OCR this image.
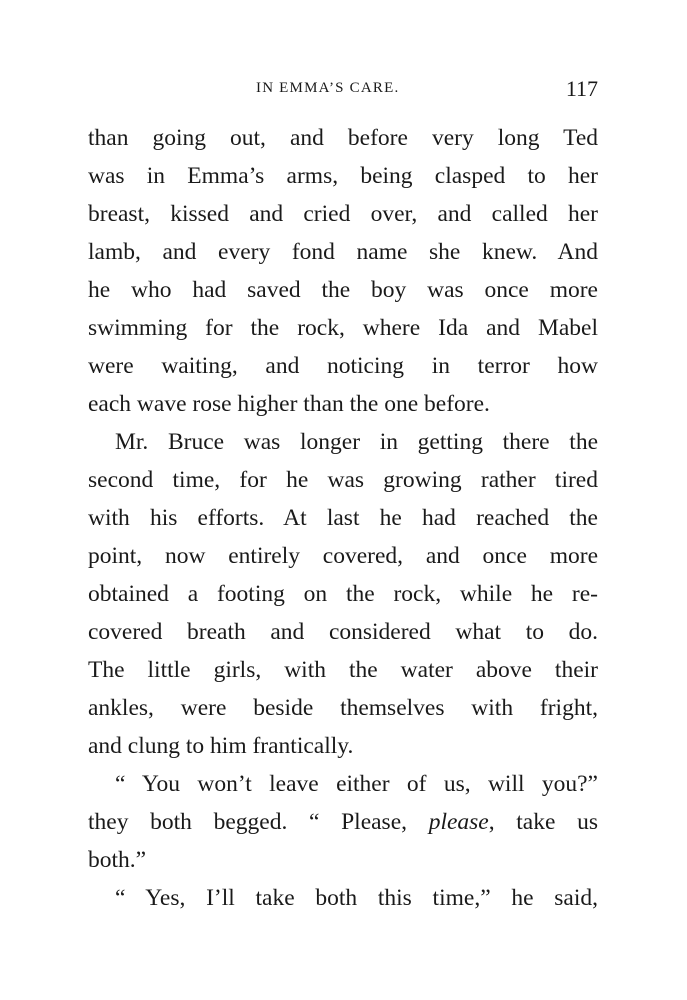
IN EMMA’S CARE.	117
than going out, and before very long Ted
was in Emma’s arms, being clasped to her
breast, kissed and cried over, and called her
lamb, and every fond name she knew. And
he who had saved the boy was once more
swimming for the rock, where Ida and Mabel
were waiting, and noticing in terror how
each wave rose higher than the one before.
Mr. Bruce was longer in getting there the
second time, for he was growing rather tired
with his efforts. At last he had reached the
point, now entirely covered, and once more
obtained a footing on the rock, while he re-
covered breath and considered what to do.
The little girls, with the water above their
ankles, were beside themselves with fright,
and clung to him frantically.
“ You won’t leave either of us, will you?”
they both begged. “ Please, please, take us
both.”
“ Yes, I’ll take both this time,” he said,
